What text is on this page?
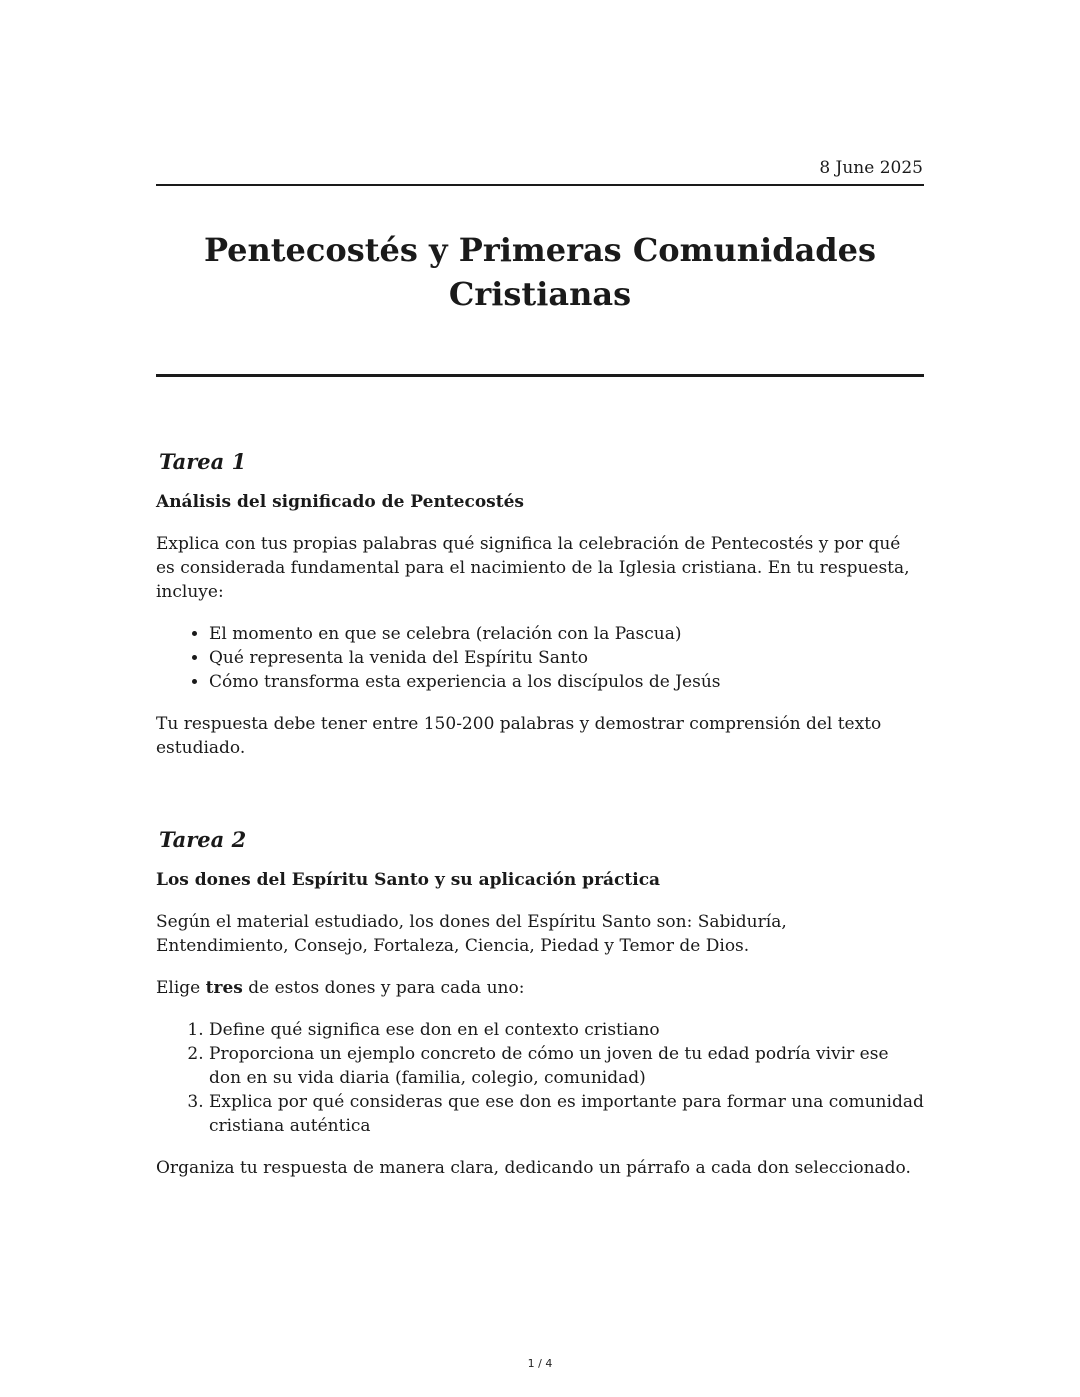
8 June 2025
Pentecostés y Primeras Comunidades Cristianas
Tarea 1
Análisis del significado de Pentecostés

Explica con tus propias palabras qué significa la celebración de Pentecostés y por qué es considerada fundamental para el nacimiento de la Iglesia cristiana. En tu respuesta, incluye:

• El momento en que se celebra (relación con la Pascua)
• Qué representa la venida del Espíritu Santo
• Cómo transforma esta experiencia a los discípulos de Jesús

Tu respuesta debe tener entre 150-200 palabras y demostrar comprensión del texto estudiado.

Tarea 2
Los dones del Espíritu Santo y su aplicación práctica

Según el material estudiado, los dones del Espíritu Santo son: Sabiduría, Entendimiento, Consejo, Fortaleza, Ciencia, Piedad y Temor de Dios.

Elige tres de estos dones y para cada uno:

1. Define qué significa ese don en el contexto cristiano
2. Proporciona un ejemplo concreto de cómo un joven de tu edad podría vivir ese don en su vida diaria (familia, colegio, comunidad)
3. Explica por qué consideras que ese don es importante para formar una comunidad cristiana auténtica

Organiza tu respuesta de manera clara, dedicando un párrafo a cada don seleccionado.

1 / 4
